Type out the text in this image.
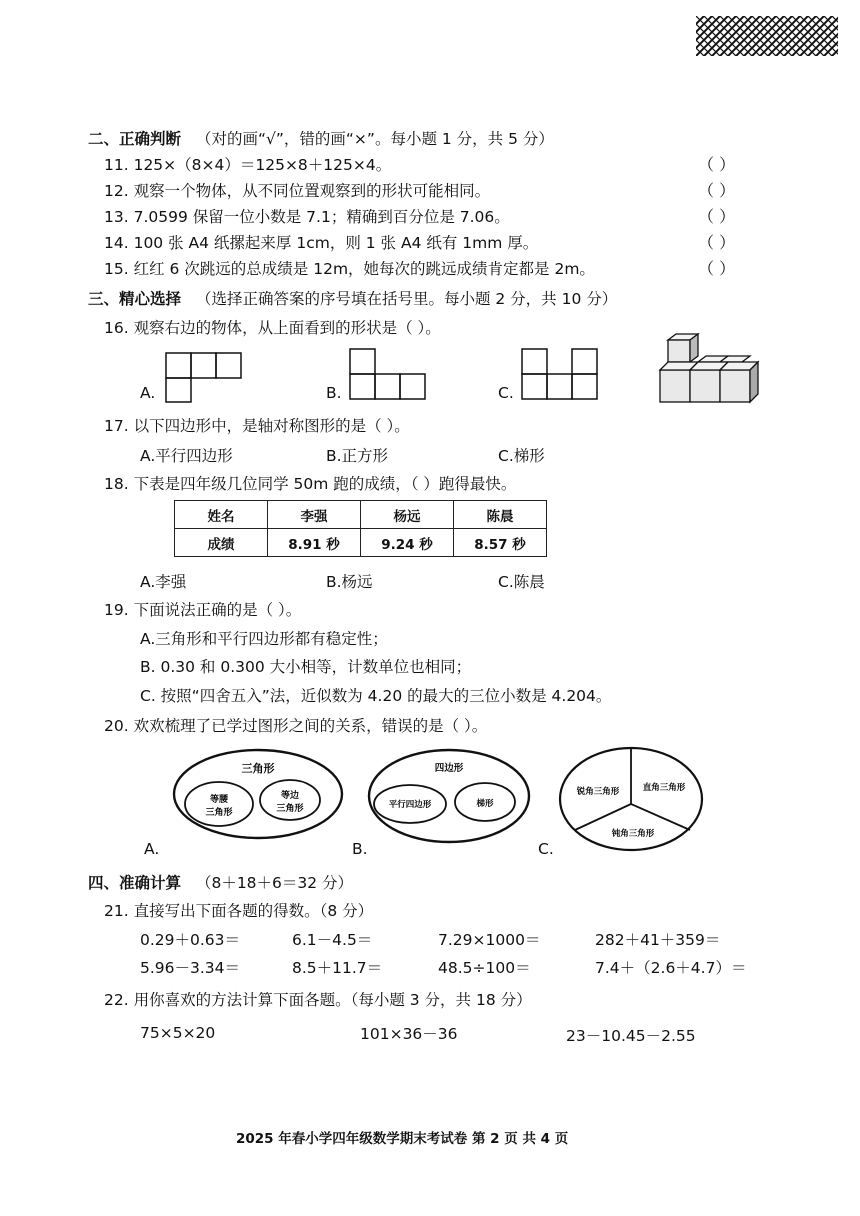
二、正确判断 （对的画“√”，错的画“×”。每小题 1 分，共 5 分）
11. 125×（8×4）＝125×8＋125×4。	（ ）
12. 观察一个物体，从不同位置观察到的形状可能相同。	（ ）
13. 7.0599 保留一位小数是 7.1；精确到百分位是 7.06。	（ ）
14. 100 张 A4 纸摞起来厚 1cm，则 1 张 A4 纸有 1mm 厚。	（ ）
15. 红红 6 次跳远的总成绩是 12m，她每次的跳远成绩肯定都是 2m。	（ ）
三、精心选择 （选择正确答案的序号填在括号里。每小题 2 分，共 10 分）
16. 观察右边的物体，从上面看到的形状是（ ）。
A.	B.	C.
17. 以下四边形中，是轴对称图形的是（ ）。
A.平行四边形	B.正方形	C.梯形
18. 下表是四年级几位同学 50m 跑的成绩，（ ）跑得最快。
姓名	李强	杨远	陈晨
成绩	8.91 秒	9.24 秒	8.57 秒
A.李强	B.杨远	C.陈晨
19. 下面说法正确的是（ ）。
A.三角形和平行四边形都有稳定性；
B. 0.30 和 0.300 大小相等，计数单位也相同；
C. 按照“四舍五入”法，近似数为 4.20 的最大的三位小数是 4.204。
20. 欢欢梳理了已学过图形之间的关系，错误的是（ ）。
三角形
等腰
三角形
等边
三角形
A.
四边形
平行四边形	梯形
B.
锐角三角形	直角三角形
钝角三角形
C.
四、准确计算 （8＋18＋6＝32 分）
21. 直接写出下面各题的得数。（8 分）
0.29＋0.63＝	6.1－4.5＝	7.29×1000＝	282＋41＋359＝
5.96－3.34＝	8.5＋11.7＝	48.5÷100＝	7.4＋（2.6＋4.7）＝
22. 用你喜欢的方法计算下面各题。（每小题 3 分，共 18 分）
75×5×20	101×36－36	23－10.45－2.55
2025 年春小学四年级数学期末考试卷 第 2 页 共 4 页
